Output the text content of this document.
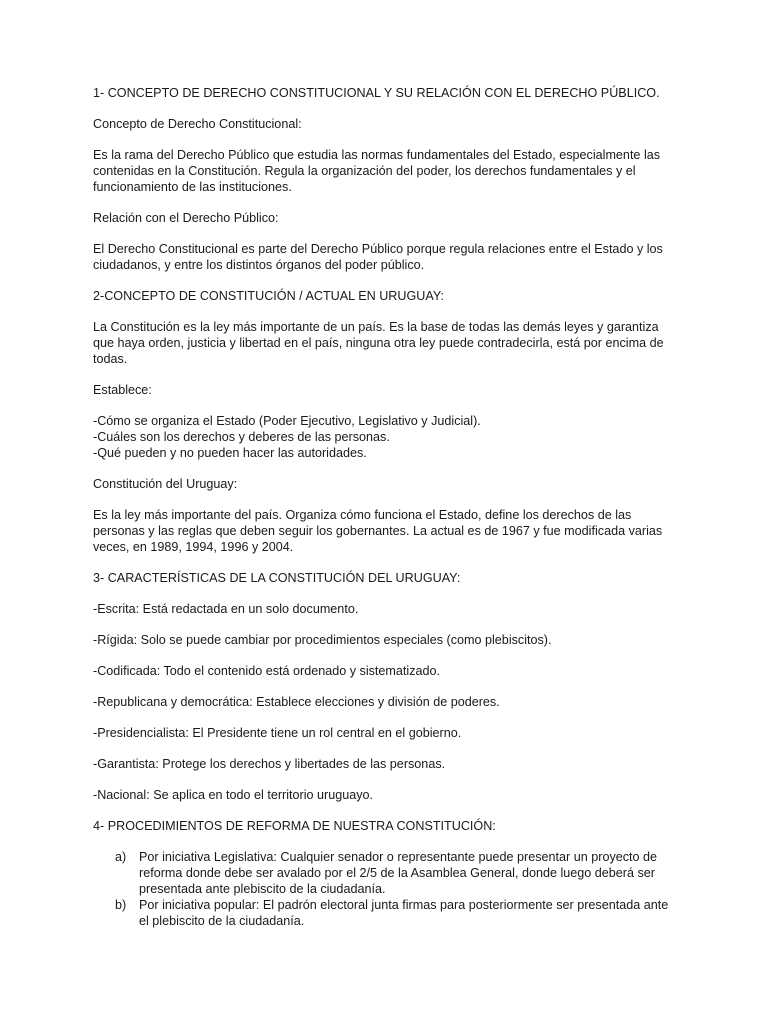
1- CONCEPTO DE DERECHO CONSTITUCIONAL Y SU RELACIÓN CON EL DERECHO PÚBLICO.

Concepto de Derecho Constitucional:

Es la rama del Derecho Público que estudia las normas fundamentales del Estado, especialmente las contenidas en la Constitución. Regula la organización del poder, los derechos fundamentales y el funcionamiento de las instituciones.

Relación con el Derecho Público:

El Derecho Constitucional es parte del Derecho Público porque regula relaciones entre el Estado y los ciudadanos, y entre los distintos órganos del poder público.

2-CONCEPTO DE CONSTITUCIÓN / ACTUAL EN URUGUAY:

La Constitución es la ley más importante de un país. Es la base de todas las demás leyes y garantiza que haya orden, justicia y libertad en el país, ninguna otra ley puede contradecirla, está por encima de todas.

Establece:

-Cómo se organiza el Estado (Poder Ejecutivo, Legislativo y Judicial).

-Cuáles son los derechos y deberes de las personas.

-Qué pueden y no pueden hacer las autoridades.

Constitución del Uruguay:

Es la ley más importante del país. Organiza cómo funciona el Estado, define los derechos de las personas y las reglas que deben seguir los gobernantes. La actual es de 1967 y fue modificada varias veces, en 1989, 1994, 1996 y 2004.

3- CARACTERÍSTICAS DE LA CONSTITUCIÓN DEL URUGUAY:

-Escrita: Está redactada en un solo documento.

-Rígida: Solo se puede cambiar por procedimientos especiales (como plebiscitos).

-Codificada: Todo el contenido está ordenado y sistematizado.

-Republicana y democrática: Establece elecciones y división de poderes.

-Presidencialista: El Presidente tiene un rol central en el gobierno.

-Garantista: Protege los derechos y libertades de las personas.

-Nacional: Se aplica en todo el territorio uruguayo.

4- PROCEDIMIENTOS DE REFORMA DE NUESTRA CONSTITUCIÓN:

a) Por iniciativa Legislativa: Cualquier senador o representante puede presentar un proyecto de reforma donde debe ser avalado por el 2/5 de la Asamblea General, donde luego deberá ser presentada ante plebiscito de la ciudadanía.
b) Por iniciativa popular: El padrón electoral junta firmas para posteriormente ser presentada ante el plebiscito de la ciudadanía.
